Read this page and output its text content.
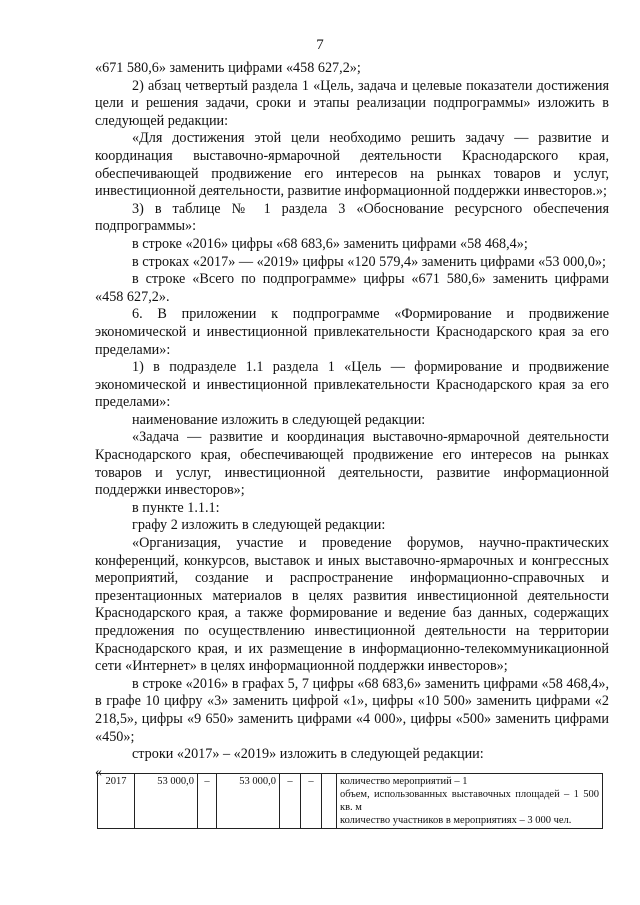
7

«671 580,6» заменить цифрами «458 627,2»;

2) абзац четвертый раздела 1 «Цель, задача и целевые показатели достижения цели и решения задачи, сроки и этапы реализации подпрограммы» изложить в следующей редакции:

«Для достижения этой цели необходимо решить задачу — развитие и координация выставочно-ярмарочной деятельности Краснодарского края, обеспечивающей продвижение его интересов на рынках товаров и услуг, инвестиционной деятельности, развитие информационной поддержки инвесторов.»;

3) в таблице № 1 раздела 3 «Обоснование ресурсного обеспечения подпрограммы»:

в строке «2016» цифры «68 683,6» заменить цифрами «58 468,4»;

в строках «2017» — «2019» цифры «120 579,4» заменить цифрами «53 000,0»;

в строке «Всего по подпрограмме» цифры «671 580,6» заменить цифрами «458 627,2».

6. В приложении к подпрограмме «Формирование и продвижение экономической и инвестиционной привлекательности Краснодарского края за его пределами»:

1) в подразделе 1.1 раздела 1 «Цель — формирование и продвижение экономической и инвестиционной привлекательности Краснодарского края за его пределами»:

наименование изложить в следующей редакции:

«Задача — развитие и координация выставочно-ярмарочной деятельности Краснодарского края, обеспечивающей продвижение его интересов на рынках товаров и услуг, инвестиционной деятельности, развитие информационной поддержки инвесторов»;

в пункте 1.1.1:

графу 2 изложить в следующей редакции:

«Организация, участие и проведение форумов, научно-практических конференций, конкурсов, выставок и иных выставочно-ярмарочных и конгрессных мероприятий, создание и распространение информационно-справочных и презентационных материалов в целях развития инвестиционной деятельности Краснодарского края, а также формирование и ведение баз данных, содержащих предложения по осуществлению инвестиционной деятельности на территории Краснодарского края, и их размещение в информационно-телекоммуникационной сети «Интернет» в целях информационной поддержки инвесторов»;

в строке «2016» в графах 5, 7 цифры «68 683,6» заменить цифрами «58 468,4», в графе 10 цифру «3» заменить цифрой «1», цифры «10 500» заменить цифрами «2 218,5», цифры «9 650» заменить цифрами «4 000», цифры «500» заменить цифрами «450»;

строки «2017» – «2019» изложить в следующей редакции:

«

2017	53 000,0	–	53 000,0	–	–		количество мероприятий – 1
объем, использованных выставочных площадей – 1 500 кв. м
количество участников в мероприятиях – 3 000 чел.
